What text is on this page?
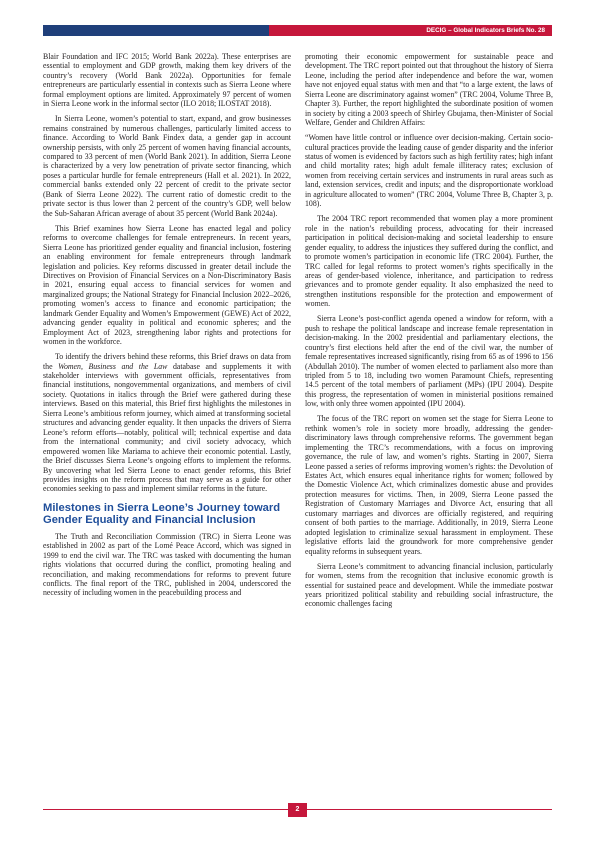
DECIG – Global Indicators Briefs No. 28

Blair Foundation and IFC 2015; World Bank 2022a). These enterprises are essential to employment and GDP growth, making them key drivers of the country’s recovery (World Bank 2022a). Opportunities for female entrepreneurs are particularly essential in contexts such as Sierra Leone where formal employment options are limited. Approximately 97 percent of women in Sierra Leone work in the informal sector (ILO 2018; ILOSTAT 2018).

In Sierra Leone, women’s potential to start, expand, and grow businesses remains constrained by numerous challenges, particularly limited access to finance. According to World Bank Findex data, a gender gap in account ownership persists, with only 25 percent of women having financial accounts, compared to 33 percent of men (World Bank 2021). In addition, Sierra Leone is characterized by a very low penetration of private sector financing, which poses a particular hurdle for female entrepreneurs (Hall et al. 2021). In 2022, commercial banks extended only 22 percent of credit to the private sector (Bank of Sierra Leone 2022). The current ratio of domestic credit to the private sector is thus lower than 2 percent of the country’s GDP, well below the Sub-Saharan African average of about 35 percent (World Bank 2024a).

This Brief examines how Sierra Leone has enacted legal and policy reforms to overcome challenges for female entrepreneurs. In recent years, Sierra Leone has prioritized gender equality and financial inclusion, fostering an enabling environment for female entrepreneurs through landmark legislation and policies. Key reforms discussed in greater detail include the Directives on Provision of Financial Services on a Non-Discriminatory Basis in 2021, ensuring equal access to financial services for women and marginalized groups; the National Strategy for Financial Inclusion 2022–2026, promoting women’s access to finance and economic participation; the landmark Gender Equality and Women’s Empowerment (GEWE) Act of 2022, advancing gender equality in political and economic spheres; and the Employment Act of 2023, strengthening labor rights and protections for women in the workforce.

To identify the drivers behind these reforms, this Brief draws on data from the Women, Business and the Law database and supplements it with stakeholder interviews with government officials, representatives from financial institutions, nongovernmental organizations, and members of civil society. Quotations in italics through the Brief were gathered during these interviews. Based on this material, this Brief first highlights the milestones in Sierra Leone’s ambitious reform journey, which aimed at transforming societal structures and advancing gender equality. It then unpacks the drivers of Sierra Leone’s reform efforts—notably, political will; technical expertise and data from the international community; and civil society advocacy, which empowered women like Mariama to achieve their economic potential. Lastly, the Brief discusses Sierra Leone’s ongoing efforts to implement the reforms. By uncovering what led Sierra Leone to enact gender reforms, this Brief provides insights on the reform process that may serve as a guide for other economies seeking to pass and implement similar reforms in the future.

Milestones in Sierra Leone’s Journey toward Gender Equality and Financial Inclusion

The Truth and Reconciliation Commission (TRC) in Sierra Leone was established in 2002 as part of the Lomé Peace Accord, which was signed in 1999 to end the civil war. The TRC was tasked with documenting the human rights violations that occurred during the conflict, promoting healing and reconciliation, and making recommendations for reforms to prevent future conflicts. The final report of the TRC, published in 2004, underscored the necessity of including women in the peacebuilding process and

promoting their economic empowerment for sustainable peace and development. The TRC report pointed out that throughout the history of Sierra Leone, including the period after independence and before the war, women have not enjoyed equal status with men and that “to a large extent, the laws of Sierra Leone are discriminatory against women” (TRC 2004, Volume Three B, Chapter 3). Further, the report highlighted the subordinate position of women in society by citing a 2003 speech of Shirley Gbujama, then-Minister of Social Welfare, Gender and Children Affairs:

“Women have little control or influence over decision-making. Certain socio-cultural practices provide the leading cause of gender disparity and the inferior status of women is evidenced by factors such as high fertility rates; high infant and child mortality rates; high adult female illiteracy rates; exclusion of women from receiving certain services and instruments in rural areas such as land, extension services, credit and inputs; and the disproportionate workload in agriculture allocated to women” (TRC 2004, Volume Three B, Chapter 3, p. 108).

The 2004 TRC report recommended that women play a more prominent role in the nation’s rebuilding process, advocating for their increased participation in political decision-making and societal leadership to ensure gender equality, to address the injustices they suffered during the conflict, and to promote women’s participation in economic life (TRC 2004). Further, the TRC called for legal reforms to protect women’s rights specifically in the areas of gender-based violence, inheritance, and participation to redress grievances and to promote gender equality. It also emphasized the need to strengthen institutions responsible for the protection and empowerment of women.

Sierra Leone’s post-conflict agenda opened a window for reform, with a push to reshape the political landscape and increase female representation in decision-making. In the 2002 presidential and parliamentary elections, the country’s first elections held after the end of the civil war, the number of female representatives increased significantly, rising from 65 as of 1996 to 156 (Abdullah 2010). The number of women elected to parliament also more than tripled from 5 to 18, including two women Paramount Chiefs, representing 14.5 percent of the total members of parliament (MPs) (IPU 2004). Despite this progress, the representation of women in ministerial positions remained low, with only three women appointed (IPU 2004).

The focus of the TRC report on women set the stage for Sierra Leone to rethink women’s role in society more broadly, addressing the gender-discriminatory laws through comprehensive reforms. The government began implementing the TRC’s recommendations, with a focus on improving governance, the rule of law, and women’s rights. Starting in 2007, Sierra Leone passed a series of reforms improving women’s rights: the Devolution of Estates Act, which ensures equal inheritance rights for women; followed by the Domestic Violence Act, which criminalizes domestic abuse and provides protection measures for victims. Then, in 2009, Sierra Leone passed the Registration of Customary Marriages and Divorce Act, ensuring that all customary marriages and divorces are officially registered, and requiring consent of both parties to the marriage. Additionally, in 2019, Sierra Leone adopted legislation to criminalize sexual harassment in employment. These legislative efforts laid the groundwork for more comprehensive gender equality reforms in subsequent years.

Sierra Leone’s commitment to advancing financial inclusion, particularly for women, stems from the recognition that inclusive economic growth is essential for sustained peace and development. While the immediate postwar years prioritized political stability and rebuilding social infrastructure, the economic challenges facing

2
